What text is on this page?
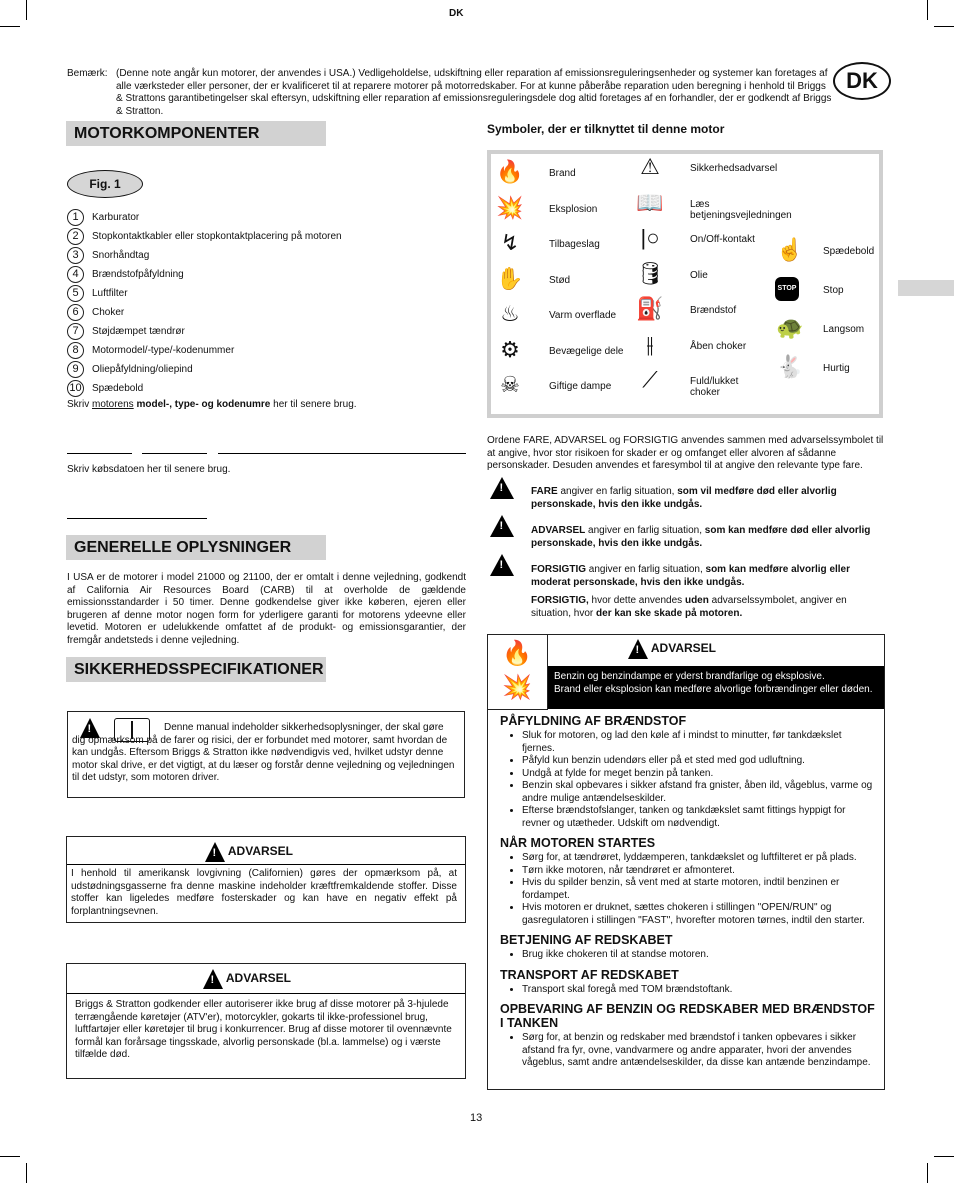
DK
Bemærk: (Denne note angår kun motorer, der anvendes i USA.) Vedligeholdelse, udskiftning eller reparation af emissionsreguleringsenheder og systemer kan foretages af alle værksteder eller personer, der er kvalificeret til at reparere motorer på motorredskaber. For at kunne påberåbe reparation uden beregning i henhold til Briggs & Strattons garantibetingelser skal eftersyn, udskiftning eller reparation af emissionsreguleringsdele dog altid foretages af en forhandler, der er godkendt af Briggs & Stratton.
DK
MOTORKOMPONENTER
Fig. 1
1 Karburator
2 Stopkontaktkabler eller stopkontaktplacering på motoren
3 Snorhåndtag
4 Brændstofpåfyldning
5 Luftfilter
6 Choker
7 Støjdæmpet tændrør
8 Motormodel/-type/-kodenummer
9 Oliepåfyldning/oliepind
10 Spædebold
Skriv motorens model-, type- og kodenumre her til senere brug.
Skriv købsdatoen her til senere brug.
GENERELLE OPLYSNINGER
I USA er de motorer i model 21000 og 21100, der er omtalt i denne vejledning, godkendt af California Air Resources Board (CARB) til at overholde de gældende emissionsstandarder i 50 timer. Denne godkendelse giver ikke køberen, ejeren eller brugeren af denne motor nogen form for yderligere garanti for motorens ydeevne eller levetid. Motoren er udelukkende omfattet af de produkt- og emissionsgarantier, der fremgår andetsteds i denne vejledning.
SIKKERHEDSSPECIFIKATIONER
!
Denne manual indeholder sikkerhedsoplysninger, der skal gøre dig opmærksom på de farer og risici, der er forbundet med motorer, samt hvordan de kan undgås. Eftersom Briggs & Stratton ikke nødvendigvis ved, hvilket udstyr denne motor skal drive, er det vigtigt, at du læser og forstår denne vejledning og vejledningen til det udstyr, som motoren driver.
! ADVARSEL
I henhold til amerikansk lovgivning (Californien) gøres der opmærksom på, at udstødningsgasserne fra denne maskine indeholder kræftfremkaldende stoffer. Disse stoffer kan ligeledes medføre fosterskader og kan have en negativ effekt på forplantningsevnen.
! ADVARSEL
Briggs & Stratton godkender eller autoriserer ikke brug af disse motorer på 3-hjulede terrængående køretøjer (ATV'er), motorcykler, gokarts til ikke-professionel brug, luftfartøjer eller køretøjer til brug i konkurrencer. Brug af disse motorer til ovennævnte formål kan forårsage tingsskade, alvorlig personskade (bl.a. lammelse) og i værste tilfælde død.
Symboler, der er tilknyttet til denne motor
🔥	Brand
💥	Eksplosion
↯	Tilbageslag
✋	Stød
♨	Varm overflade
⚙	Bevægelige dele
☠	Giftige dampe
⚠	Sikkerhedsadvarsel
📖	Læs betjeningsvejledningen
|○	On/Off-kontakt
🛢	Olie
⛽	Brændstof
⫲	Åben choker
⟋	Fuld/lukket choker
☝ Spædebold
STOP	Stop
🐢 Langsom
🐇 Hurtig
Ordene FARE, ADVARSEL og FORSIGTIG anvendes sammen med advarselssymbolet til at angive, hvor stor risikoen for skader er og omfanget eller alvoren af sådanne personskader. Desuden anvendes et faresymbol til at angive den relevante type fare.
!
FARE angiver en farlig situation, som vil medføre død eller alvorlig personskade, hvis den ikke undgås.
!
ADVARSEL angiver en farlig situation, som kan medføre død eller alvorlig personskade, hvis den ikke undgås.
!
FORSIGTIG angiver en farlig situation, som kan medføre alvorlig eller moderat personskade, hvis den ikke undgås.
FORSIGTIG, hvor dette anvendes uden advarselssymbolet, angiver en situation, hvor der kan ske skade på motoren.
🔥
💥
! ADVARSEL
Benzin og benzindampe er yderst brandfarlige og eksplosive.
Brand eller eksplosion kan medføre alvorlige forbrændinger eller døden.
PÅFYLDNING AF BRÆNDSTOF
• Sluk for motoren, og lad den køle af i mindst to minutter, før tankdækslet fjernes.
• Påfyld kun benzin udendørs eller på et sted med god udluftning.
• Undgå at fylde for meget benzin på tanken.
• Benzin skal opbevares i sikker afstand fra gnister, åben ild, vågeblus, varme og andre mulige antændelseskilder.
• Efterse brændstofslanger, tanken og tankdækslet samt fittings hyppigt for revner og utætheder. Udskift om nødvendigt.
NÅR MOTOREN STARTES
• Sørg for, at tændrøret, lyddæmperen, tankdækslet og luftfilteret er på plads.
• Tørn ikke motoren, når tændrøret er afmonteret.
• Hvis du spilder benzin, så vent med at starte motoren, indtil benzinen er fordampet.
• Hvis motoren er druknet, sættes chokeren i stillingen "OPEN/RUN" og gasregulatoren i stillingen "FAST", hvorefter motoren tørnes, indtil den starter.
BETJENING AF REDSKABET
• Brug ikke chokeren til at standse motoren.
TRANSPORT AF REDSKABET
• Transport skal foregå med TOM brændstoftank.
OPBEVARING AF BENZIN OG REDSKABER MED BRÆNDSTOF I TANKEN
• Sørg for, at benzin og redskaber med brændstof i tanken opbevares i sikker afstand fra fyr, ovne, vandvarmere og andre apparater, hvori der anvendes vågeblus, samt andre antændelseskilder, da disse kan antænde benzindampe.
13
